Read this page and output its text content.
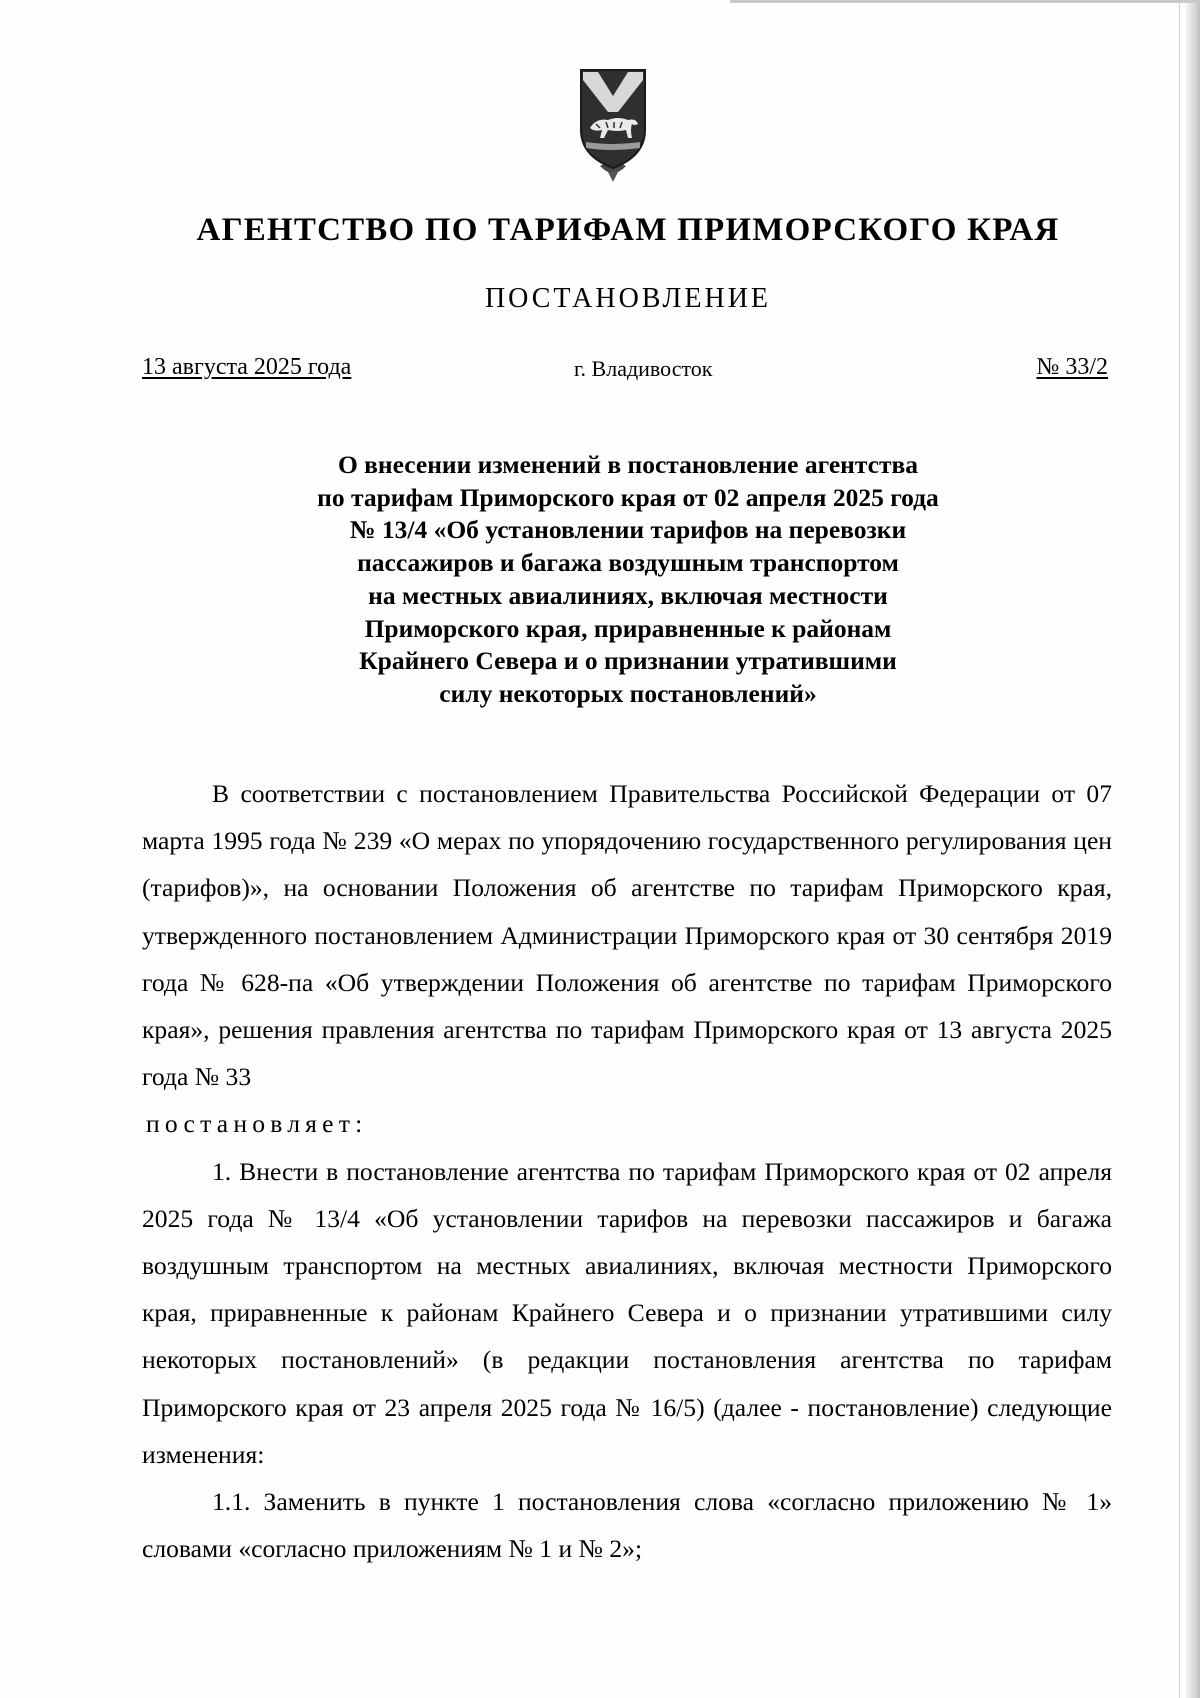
АГЕНТСТВО ПО ТАРИФАМ ПРИМОРСКОГО КРАЯ
ПОСТАНОВЛЕНИЕ
13 августа 2025 года	г. Владивосток	№ 33/2
О внесении изменений в постановление агентства
по тарифам Приморского края от 02 апреля 2025 года
№ 13/4 «Об установлении тарифов на перевозки
пассажиров и багажа воздушным транспортом
на местных авиалиниях, включая местности
Приморского края, приравненные к районам
Крайнего Севера и о признании утратившими
силу некоторых постановлений»

В соответствии с постановлением Правительства Российской Федерации от 07 марта 1995 года № 239 «О мерах по упорядочению государственного регулирования цен (тарифов)», на основании Положения об агентстве по тарифам Приморского края, утвержденного постановлением Администрации Приморского края от 30 сентября 2019 года № 628-па «Об утверждении Положения об агентстве по тарифам Приморского края», решения правления агентства по тарифам Приморского края от 13 августа 2025 года № 33

постановляет:

1. Внести в постановление агентства по тарифам Приморского края от 02 апреля 2025 года № 13/4 «Об установлении тарифов на перевозки пассажиров и багажа воздушным транспортом на местных авиалиниях, включая местности Приморского края, приравненные к районам Крайнего Севера и о признании утратившими силу некоторых постановлений» (в редакции постановления агентства по тарифам Приморского края от 23 апреля 2025 года № 16/5) (далее - постановление) следующие изменения:

1.1. Заменить в пункте 1 постановления слова «согласно приложению № 1» словами «согласно приложениям № 1 и № 2»;
